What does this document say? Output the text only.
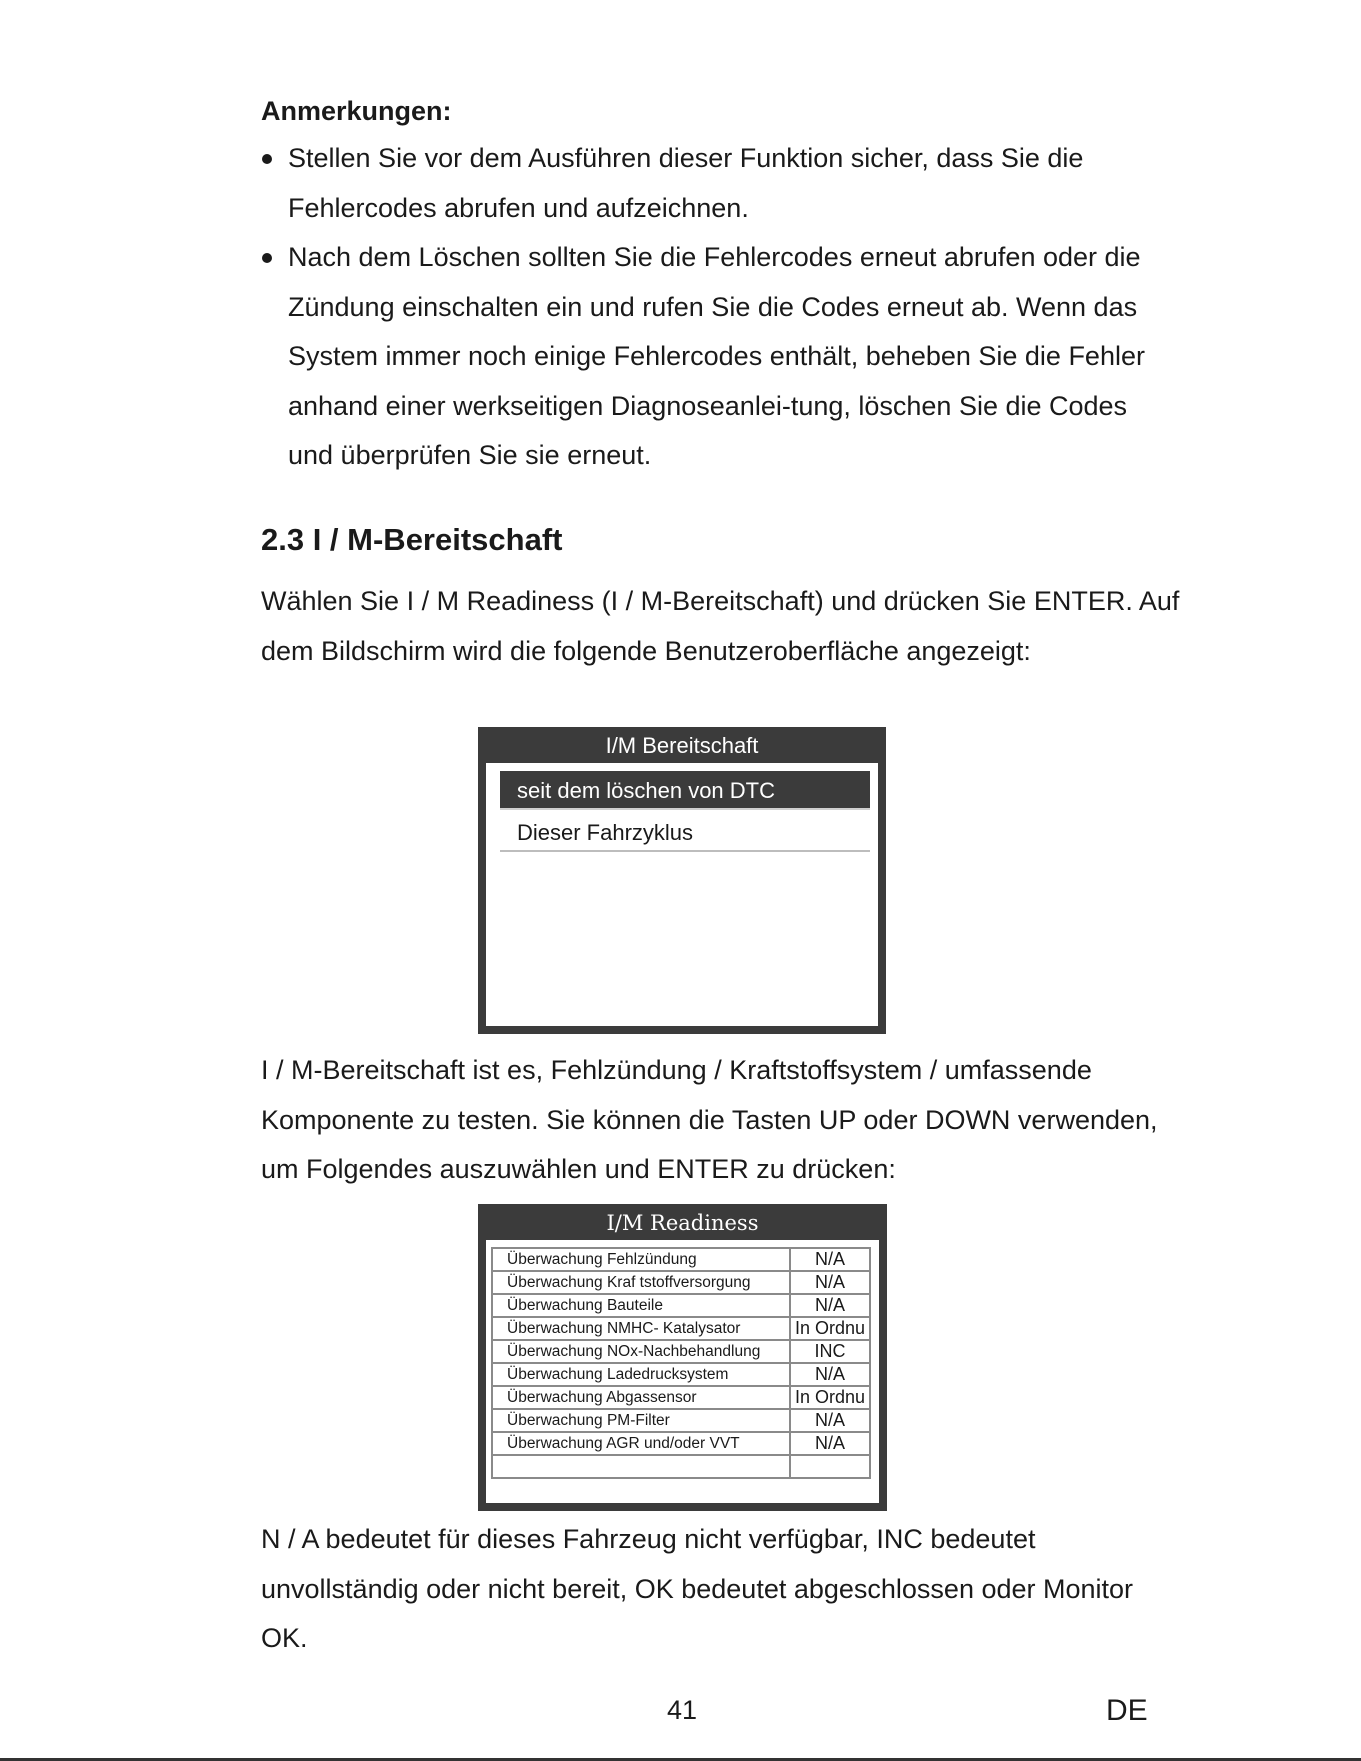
Anmerkungen:
Stellen Sie vor dem Ausführen dieser Funktion sicher, dass Sie die Fehlercodes abrufen und aufzeichnen.
Nach dem Löschen sollten Sie die Fehlercodes erneut abrufen oder die Zündung einschalten ein und rufen Sie die Codes erneut ab. Wenn das System immer noch einige Fehlercodes enthält, beheben Sie die Fehler anhand einer werkseitigen Diagnoseanlei-tung, löschen Sie die Codes und überprüfen Sie sie erneut.
2.3 I / M-Bereitschaft

Wählen Sie I / M Readiness (I / M-Bereitschaft) und drücken Sie ENTER. Auf dem Bildschirm wird die folgende Benutzeroberfläche angezeigt:

I/M Bereitschaft
seit dem löschen von DTC
Dieser Fahrzyklus

I / M-Bereitschaft ist es, Fehlzündung / Kraftstoffsystem / umfassende Komponente zu testen. Sie können die Tasten UP oder DOWN verwenden, um Folgendes auszuwählen und ENTER zu drücken:

I/M Readiness
Überwachung Fehlzündung	N/A
Überwachung Kraf tstoffversorgung	N/A
Überwachung Bauteile	N/A
Überwachung NMHC- Katalysator	In Ordnu
Überwachung NOx-Nachbehandlung	INC
Überwachung Ladedrucksystem	N/A
Überwachung Abgassensor	In Ordnu
Überwachung PM-Filter	N/A
Überwachung AGR und/oder VVT	N/A

N / A bedeutet für dieses Fahrzeug nicht verfügbar, INC bedeutet unvollständig oder nicht bereit, OK bedeutet abgeschlossen oder Monitor OK.

41	DE
